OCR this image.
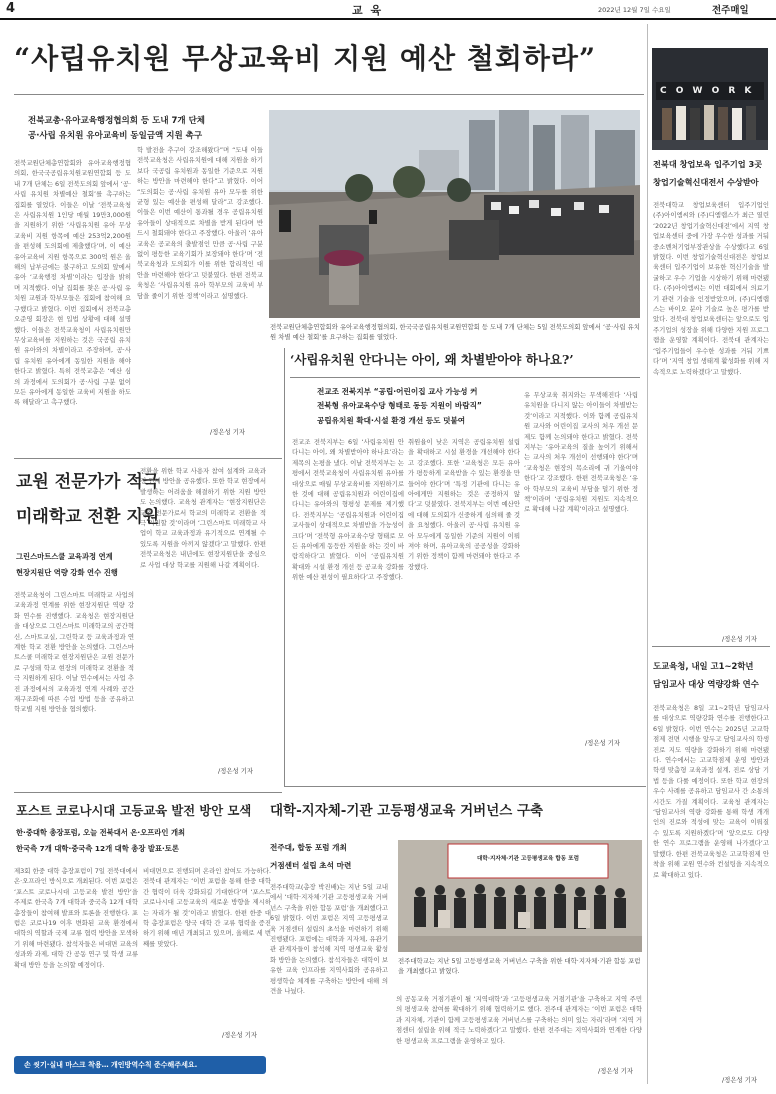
4	교 육	2022년 12월 7일 수요일	전주매일
“사립유치원 무상교육비 지원 예산 철회하라”
전북교총·유아교육행정협의회 등 도내 7개 단체
공·사립 유치원 유아교육비 동일금액 지원 촉구
전북교원단체총연합회와 유아교육행정협의회, 한국국공립유치원교원연합회 등 도내 7개 단체는 6일 전북도의회 앞에서 ‘공·사립 유치원 차별예산 철회’를 촉구하는 집회를 열었다. 이들은 이날 ‘전북교육청은 사립유치원 1인당 매월 19만3,000원을 지원하기 위한 ‘사립유치원 유아 무상교육비 지원 항목에 예산 253억2,200원을 편성해 도의회에 제출했다’며, 이 예산 유아교육비 지원 항목으로 300억 원은 올해의 납부금에는 불구하고 도의회 앞에서 유아 ‘교육행정 차별’이라는 입장을 밝히며 지적했다. 이날 집회를 찾은 공·사립 유치원 교원과 학부모들은 집회에 참여해 요구했다고 밝혔다. 이번 집회에서 전북교총 오준영 회장은 현 입법 상황에 대해 설명했다. 이들은 전북교육청이 사립유치원만 무상교육비를 지원하는 것은 국공립 유치원 유아와의 차별이라고 주장하며, 공·사립 유치원 유아에게 동일한 지원을 해야 한다고 밝혔다. 특히 전북교총은 ‘예산 심의 과정에서 도의회가 공·사립 구분 없이 모든 유아에게 동일한 교육비 지원을 하도록 해달라’고 촉구했다.
학 발전을 추구이 강조해왔다”며 “도내 이들 전북교육청은 사립유치원에 대해 지원을 하기보다 국공립 유치원과 동일한 기준으로 지원하는 방안을 마련해야 한다”고 밝혔다. 이어 “도의회는 공·사립 유치원 유아 모두를 위한 균형 있는 예산을 편성해 달라”고 강조했다. 이들은 이번 예산이 통과될 경우 공립유치원 유아들이 상대적으로 차별을 받게 된다며 반드시 철회돼야 한다고 주장했다. 아울러 ‘유아교육은 공교육의 출발점인 만큼 공·사립 구분 없이 평등한 교육기회가 보장돼야 한다’며 ‘전북교육청과 도의회가 이를 위한 합리적인 대안을 마련해야 한다’고 덧붙였다. 한편 전북교육청은 ‘사립유치원 유아 학부모의 교육비 부담을 줄이기 위한 정책’이라고 설명했다.
/정은성 기자
전북교원단체총연합회와 유아교육행정협의회, 한국국공립유치원교원연합회 등 도내 7개 단체는 5일 전북도의회 앞에서 ‘공·사립 유치원 차별 예산 철회’를 요구하는 집회를 열었다.
C O W O R K
전북대 창업보육 입주기업 3곳
창업기술혁신대전서 수상받아
전북대학교 창업보육센터 입주기업인 (주)아이엠씨와 (주)디엠랩스가 최근 열린 ‘2022년 창업기술혁신대전’에서 지역 창업보육센터 중에 가장 우수한 성과를 거둬 중소벤처기업부장관상을 수상했다고 6일 밝혔다. 이번 창업기술혁신대전은 창업보육센터 입주기업이 보유한 혁신기술을 발굴하고 우수 기업을 시상하기 위해 마련됐다. (주)아이엠씨는 이번 대회에서 의료기기 관련 기술을 인정받았으며, (주)디엠랩스는 바이오 분야 기술로 높은 평가를 받았다. 전북대 창업보육센터는 앞으로도 입주기업의 성장을 위해 다양한 지원 프로그램을 운영할 계획이다. 전북대 관계자는 ‘입주기업들이 우수한 성과를 거둬 기쁘다’며 ‘지역 창업 생태계 활성화를 위해 지속적으로 노력하겠다’고 말했다.
/정은성 기자
도교육청, 내일 고1~2학년
담임교사 대상 역량강화 연수
전북교육청은 8일 고1~2학년 담임교사를 대상으로 역량강화 연수를 진행한다고 6일 밝혔다. 이번 연수는 2025년 고교학점제 전면 시행을 앞두고 담임교사의 학생 진로 지도 역량을 강화하기 위해 마련됐다. 연수에서는 고교학점제 운영 방안과 학생 맞춤형 교육과정 설계, 진로 상담 기법 등을 다룰 예정이다. 또한 학교 현장의 우수 사례를 공유하고 담임교사 간 소통의 시간도 가질 계획이다. 교육청 관계자는 ‘담임교사의 역량 강화를 통해 학생 개개인의 진로와 적성에 맞는 교육이 이뤄질 수 있도록 지원하겠다’며 ‘앞으로도 다양한 연수 프로그램을 운영해 나가겠다’고 말했다. 한편 전북교육청은 고교학점제 안착을 위해 교원 연수와 컨설팅을 지속적으로 확대하고 있다.
/정은성 기자
‘사립유치원 안다니는 아이, 왜 차별받아야 하나요?’
전교조 전북지부 “공립·어린이집 교사 가능성 커
전북형 유아교육수당 형태로 동등 지원이 바람직”
공립유치원 확대·시설 환경 개선 등도 덧붙여
전교조 전북지부는 6일 ‘사립유치원 안 다니는 아이, 왜 차별받아야 하나요’라는 제목의 논평을 냈다. 이날 전북지부는 논평에서 전북교육청이 사립유치원 유아를 대상으로 매월 무상교육비를 지원하기로 한 것에 대해 공립유치원과 어린이집에 다니는 유아와의 형평성 문제를 제기했다. 전북지부는 ‘공립유치원과 어린이집 교사들이 상대적으로 차별받을 가능성이 크다’며 ‘전북형 유아교육수당 형태로 모든 유아에게 동등한 지원을 하는 것이 바람직하다’고 밝혔다. 이어 ‘공립유치원 확대와 시설 환경 개선 등 공교육 강화를 위한 예산 편성이 필요하다’고 주장했다.
취원율이 낮은 지역은 공립유치원 설립을 확대하고 시설 환경을 개선해야 한다고 강조했다. 또한 ‘교육청은 모든 유아가 평등하게 교육받을 수 있는 환경을 만들어야 한다’며 ‘특정 기관에 다니는 유아에게만 지원하는 것은 공정하지 않다’고 덧붙였다. 전북지부는 이번 예산안에 대해 도의회가 신중하게 심의해 줄 것을 요청했다. 아울러 공·사립 유치원 유아 모두에게 동일한 기준의 지원이 이뤄져야 하며, 유아교육의 공공성을 강화하기 위한 정책이 함께 마련돼야 한다고 주장했다.
유 무상교육 취지와는 무색해진다 ‘사립유치원을 다니지 않는 아이들이 차별받는 것’이라고 지적했다. 이와 함께 공립유치원 교사와 어린이집 교사의 처우 개선 문제도 함께 논의돼야 한다고 밝혔다. 전북지부는 ‘유아교육의 질을 높이기 위해서는 교사의 처우 개선이 선행돼야 한다’며 ‘교육청은 현장의 목소리에 귀 기울여야 한다’고 강조했다. 한편 전북교육청은 ‘유아 학부모의 교육비 부담을 덜기 위한 정책’이라며 ‘공립유치원 지원도 지속적으로 확대해 나갈 계획’이라고 설명했다.
/정은성 기자
교원 전문가가 적극
미래학교 전환 지원
그린스마트스쿨 교육과정 연계
현장지원단 역량 강화 연수 진행
전북교육청이 그린스마트 미래학교 사업의 교육과정 연계를 위한 현장지원단 역량 강화 연수를 진행했다. 교육청은 현장지원단을 대상으로 그린스마트 미래학교의 공간혁신, 스마트교실, 그린학교 등 교육과정과 연계한 학교 전환 방안을 논의했다. 그린스마트스쿨 미래학교 현장지원단은 교원 전문가로 구성돼 학교 현장의 미래학교 전환을 적극 지원하게 된다. 이날 연수에서는 사업 추진 과정에서의 교육과정 연계 사례와 공간 재구조화에 따른 수업 방법 등을 공유하고 학교별 지원 방안을 협의했다.
전환을 위한 학교 사용자 참여 설계와 교육과정 연계 방안을 공유했다. 또한 학교 현장에서 발생하는 어려움을 해결하기 위한 지원 방안도 논의했다. 교육청 관계자는 ‘현장지원단은 교원 전문가로서 학교의 미래학교 전환을 적극 지원할 것’이라며 ‘그린스마트 미래학교 사업이 학교 교육과정과 유기적으로 연계될 수 있도록 지원을 아끼지 않겠다’고 말했다. 한편 전북교육청은 내년에도 현장지원단을 중심으로 사업 대상 학교를 지원해 나갈 계획이다.
/정은성 기자
포스트 코로나시대 고등교육 발전 방안 모색
한·중대학 총장포럼, 오늘 전북대서 온·오프라인 개최
한국측 7개 대학·중국측 12개 대학 총장 발표·토론
제3회 한중 대학 총장포럼이 7일 전북대에서 온·오프라인 방식으로 개최된다. 이번 포럼은 ‘포스트 코로나시대 고등교육 발전 방안’을 주제로 한국측 7개 대학과 중국측 12개 대학 총장들이 참여해 발표와 토론을 진행한다. 포럼은 코로나19 이후 변화된 교육 환경에서 대학의 역할과 국제 교류 협력 방안을 모색하기 위해 마련됐다. 참석자들은 비대면 교육의 성과와 과제, 대학 간 공동 연구 및 학생 교류 확대 방안 등을 논의할 예정이다.
비대면으로 진행되며 온라인 참여도 가능하다. 전북대 관계자는 ‘이번 포럼을 통해 한중 대학 간 협력이 더욱 강화되길 기대한다’며 ‘포스트 코로나시대 고등교육의 새로운 방향을 제시하는 자리가 될 것’이라고 밝혔다. 한편 한중 대학 총장포럼은 양국 대학 간 교류 협력을 증진하기 위해 매년 개최되고 있으며, 올해로 세 번째를 맞았다.
/정은성 기자
대학-지자체-기관 고등평생교육 거버넌스 구축
전주대, 합동 포럼 개최
거점센터 설립 초석 마련
전주대학교(총장 박진배)는 지난 5일 교내에서 ‘대학·지자체·기관 고등평생교육 거버넌스 구축을 위한 합동 포럼’을 개최했다고 6일 밝혔다. 이번 포럼은 지역 고등평생교육 거점센터 설립의 초석을 마련하기 위해 진행됐다. 포럼에는 대학과 지자체, 유관기관 관계자들이 참석해 지역 평생교육 활성화 방안을 논의했다. 참석자들은 대학이 보유한 교육 인프라를 지역사회와 공유하고 평생학습 체계를 구축하는 방안에 대해 의견을 나눴다.
의 공동교육 거점기관이 될 ‘지역대학’과 ‘고등평생교육 거점기관’을 구축하고 지역 주민의 평생교육 참여를 확대하기 위해 협력하기로 했다. 전주대 관계자는 ‘이번 포럼은 대학과 지자체, 기관이 함께 고등평생교육 거버넌스를 구축하는 의미 있는 자리’라며 ‘지역 거점센터 설립을 위해 적극 노력하겠다’고 말했다. 한편 전주대는 지역사회와 연계한 다양한 평생교육 프로그램을 운영하고 있다.
/정은성 기자
대학·지자체·기관 고등평생교육 합동 포럼
전주대학교는 지난 5일 고등평생교육 거버넌스 구축을 위한 대학·지자체·기관 합동 포럼을 개최했다고 밝혔다.
손 씻기·실내 마스크 착용… 개인방역수칙 준수해주세요.
